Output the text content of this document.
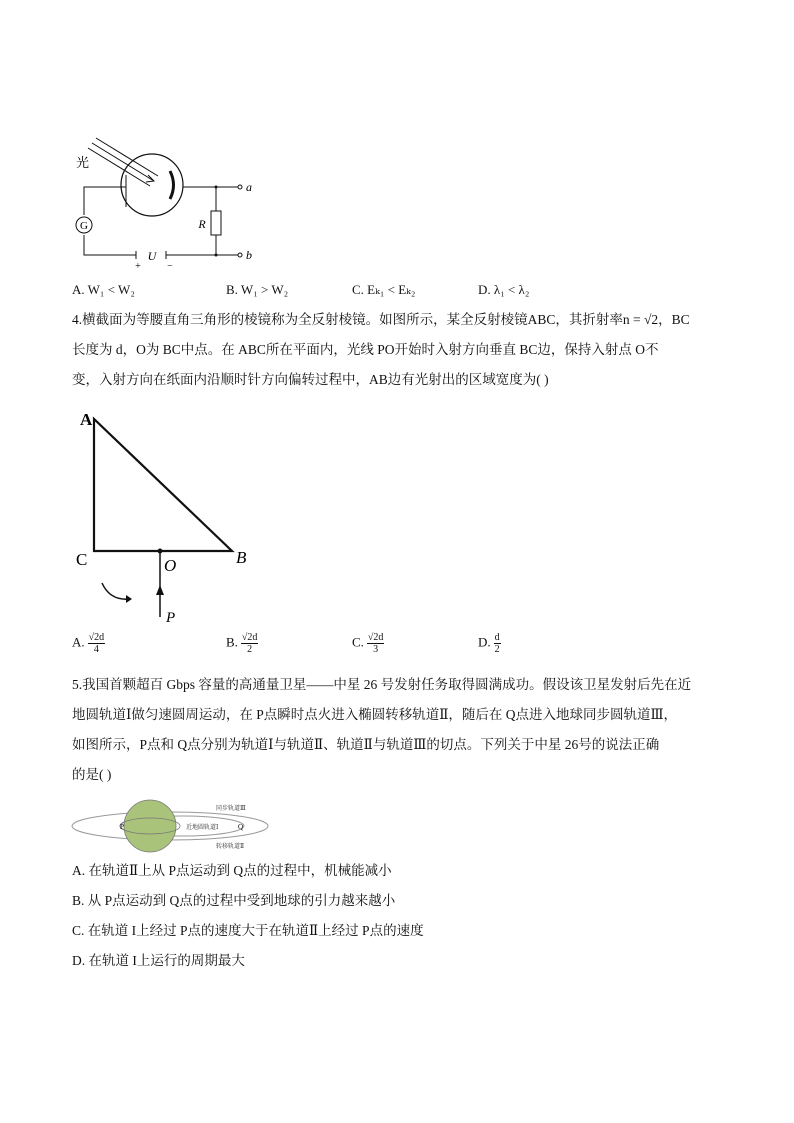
光
G	R
U
+	−
a
b
A. W₁ < W₂	B. W₁ > W₂	C. Eₖ₁ < Eₖ₂	D. λ₁ < λ₂
4.横截面为等腰直角三角形的棱镜称为全反射棱镜。如图所示，某全反射棱镜ABC，其折射率n = √2，BC
长度为 d，O为 BC中点。在 ABC所在平面内，光线 PO开始时入射方向垂直 BC边，保持入射点 O不
变，入射方向在纸面内沿顺时针方向偏转过程中，AB边有光射出的区域宽度为( )
A
C	B
O
P
A. $\frac{√2d}{4}$	B. $\frac{√2d}{2}$	C. $\frac{√2d}{3}$	D. $\frac{d}{2}$
5.我国首颗超百 Gbps 容量的高通量卫星——中星 26 号发射任务取得圆满成功。假设该卫星发射后先在近
地圆轨道Ⅰ做匀速圆周运动，在 P点瞬时点火进入椭圆转移轨道Ⅱ，随后在 Q点进入地球同步圆轨道Ⅲ，
如图所示，P点和 Q点分别为轨道Ⅰ与轨道Ⅱ、轨道Ⅱ与轨道Ⅲ的切点。下列关于中星 26号的说法正确
的是( )
P	Q
同步轨道Ⅲ
近地圆轨道Ⅰ
转移轨道Ⅱ
A. 在轨道Ⅱ上从 P点运动到 Q点的过程中，机械能减小
B. 从 P点运动到 Q点的过程中受到地球的引力越来越小
C. 在轨道 I上经过 P点的速度大于在轨道Ⅱ上经过 P点的速度
D. 在轨道 I上运行的周期最大
